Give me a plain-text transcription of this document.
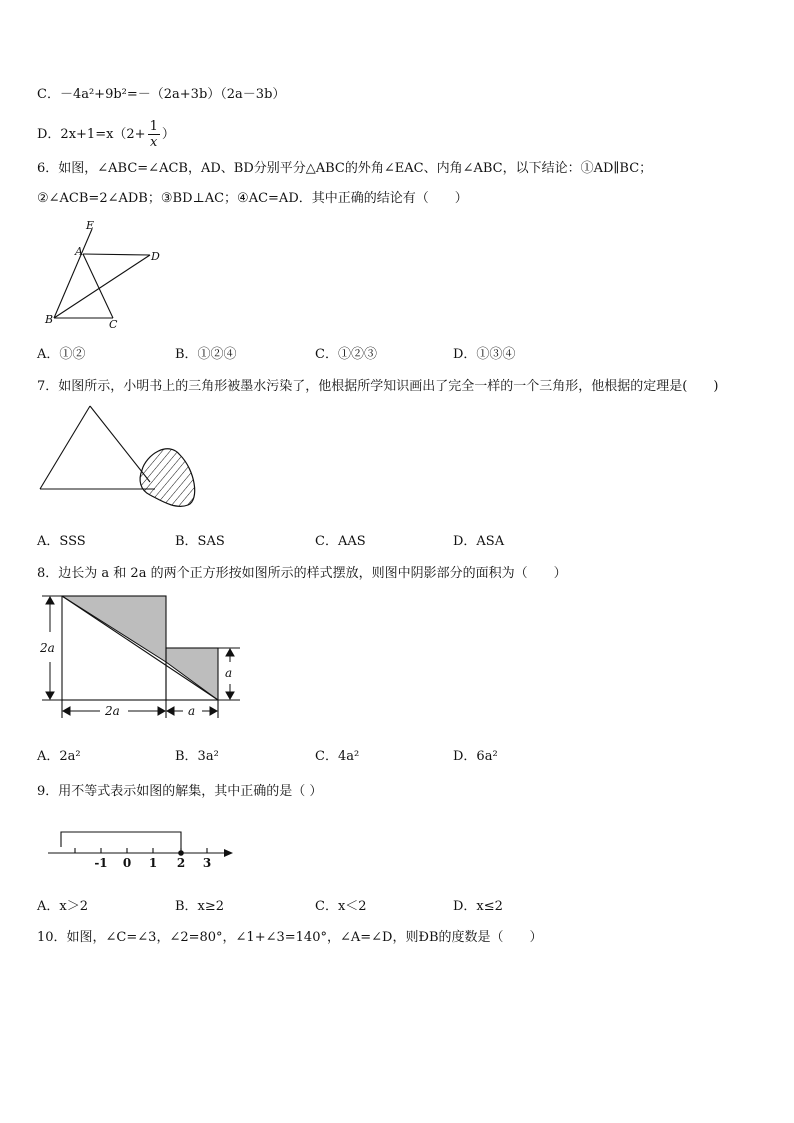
C．－4a²+9b²=－（2a+3b）（2a－3b）
D．$2x+1=x(2+ \frac{1}{x}$ ）
6．如图，∠ABC=∠ACB，AD、BD分别平分△ABC的外角∠EAC、内角∠ABC，以下结论：①AD∥BC；
②∠ACB=2∠ADB；③BD⊥AC；④AC=AD．其中正确的结论有（　　）
E
A	D
B	C
A．①②	B．①②④	C．①②③	D．①③④
7．如图所示，小明书上的三角形被墨水污染了，他根据所学知识画出了完全一样的一个三角形，他根据的定理是(　　)
A．SSS	B．SAS	C．AAS	D．ASA
8．边长为 a 和 2a 的两个正方形按如图所示的样式摆放，则图中阴影部分的面积为（　　）
2a
a
2a	a
A．2a²	B．3a²	C．4a²	D．6a²
9．用不等式表示如图的解集，其中正确的是（ ）
-1 0 1 2 3
A．x＞2	B．x≥2	C．x＜2	D．x≤2
10．如图，∠C=∠3，∠2=80°，∠1+∠3=140°，∠A=∠D，则ÐB的度数是（　　）
